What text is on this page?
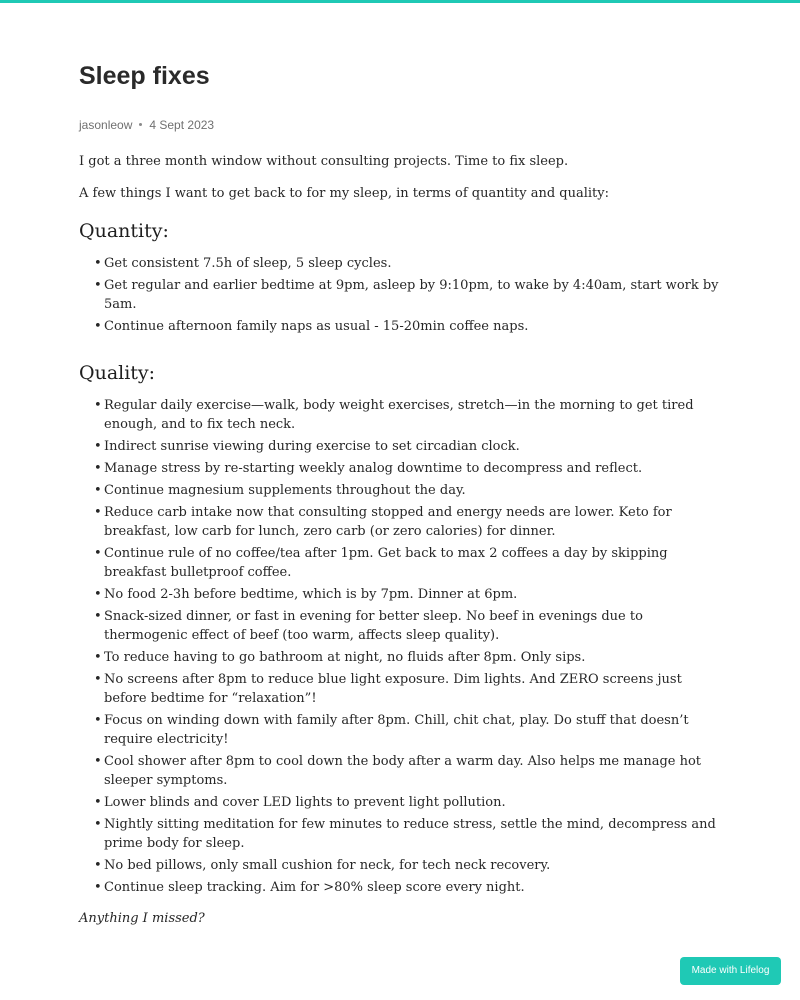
Sleep fixes
jasonleow 4 Sept 2023

I got a three month window without consulting projects. Time to fix sleep.

A few things I want to get back to for my sleep, in terms of quantity and quality:

Quantity:
• Get consistent 7.5h of sleep, 5 sleep cycles.
• Get regular and earlier bedtime at 9pm, asleep by 9:10pm, to wake by 4:40am, start work by 5am.
• Continue afternoon family naps as usual - 15-20min coffee naps.
Quality:
• Regular daily exercise—walk, body weight exercises, stretch—in the morning to get tired enough, and to fix tech neck.
• Indirect sunrise viewing during exercise to set circadian clock.
• Manage stress by re-starting weekly analog downtime to decompress and reflect.
• Continue magnesium supplements throughout the day.
• Reduce carb intake now that consulting stopped and energy needs are lower. Keto for breakfast, low carb for lunch, zero carb (or zero calories) for dinner.
• Continue rule of no coffee/tea after 1pm. Get back to max 2 coffees a day by skipping breakfast bulletproof coffee.
• No food 2-3h before bedtime, which is by 7pm. Dinner at 6pm.
• Snack-sized dinner, or fast in evening for better sleep. No beef in evenings due to thermogenic effect of beef (too warm, affects sleep quality).
• To reduce having to go bathroom at night, no fluids after 8pm. Only sips.
• No screens after 8pm to reduce blue light exposure. Dim lights. And ZERO screens just before bedtime for “relaxation”!
• Focus on winding down with family after 8pm. Chill, chit chat, play. Do stuff that doesn’t require electricity!
• Cool shower after 8pm to cool down the body after a warm day. Also helps me manage hot sleeper symptoms.
• Lower blinds and cover LED lights to prevent light pollution.
• Nightly sitting meditation for few minutes to reduce stress, settle the mind, decompress and prime body for sleep.
• No bed pillows, only small cushion for neck, for tech neck recovery.
• Continue sleep tracking. Aim for >80% sleep score every night.

Anything I missed?

Made with Lifelog
